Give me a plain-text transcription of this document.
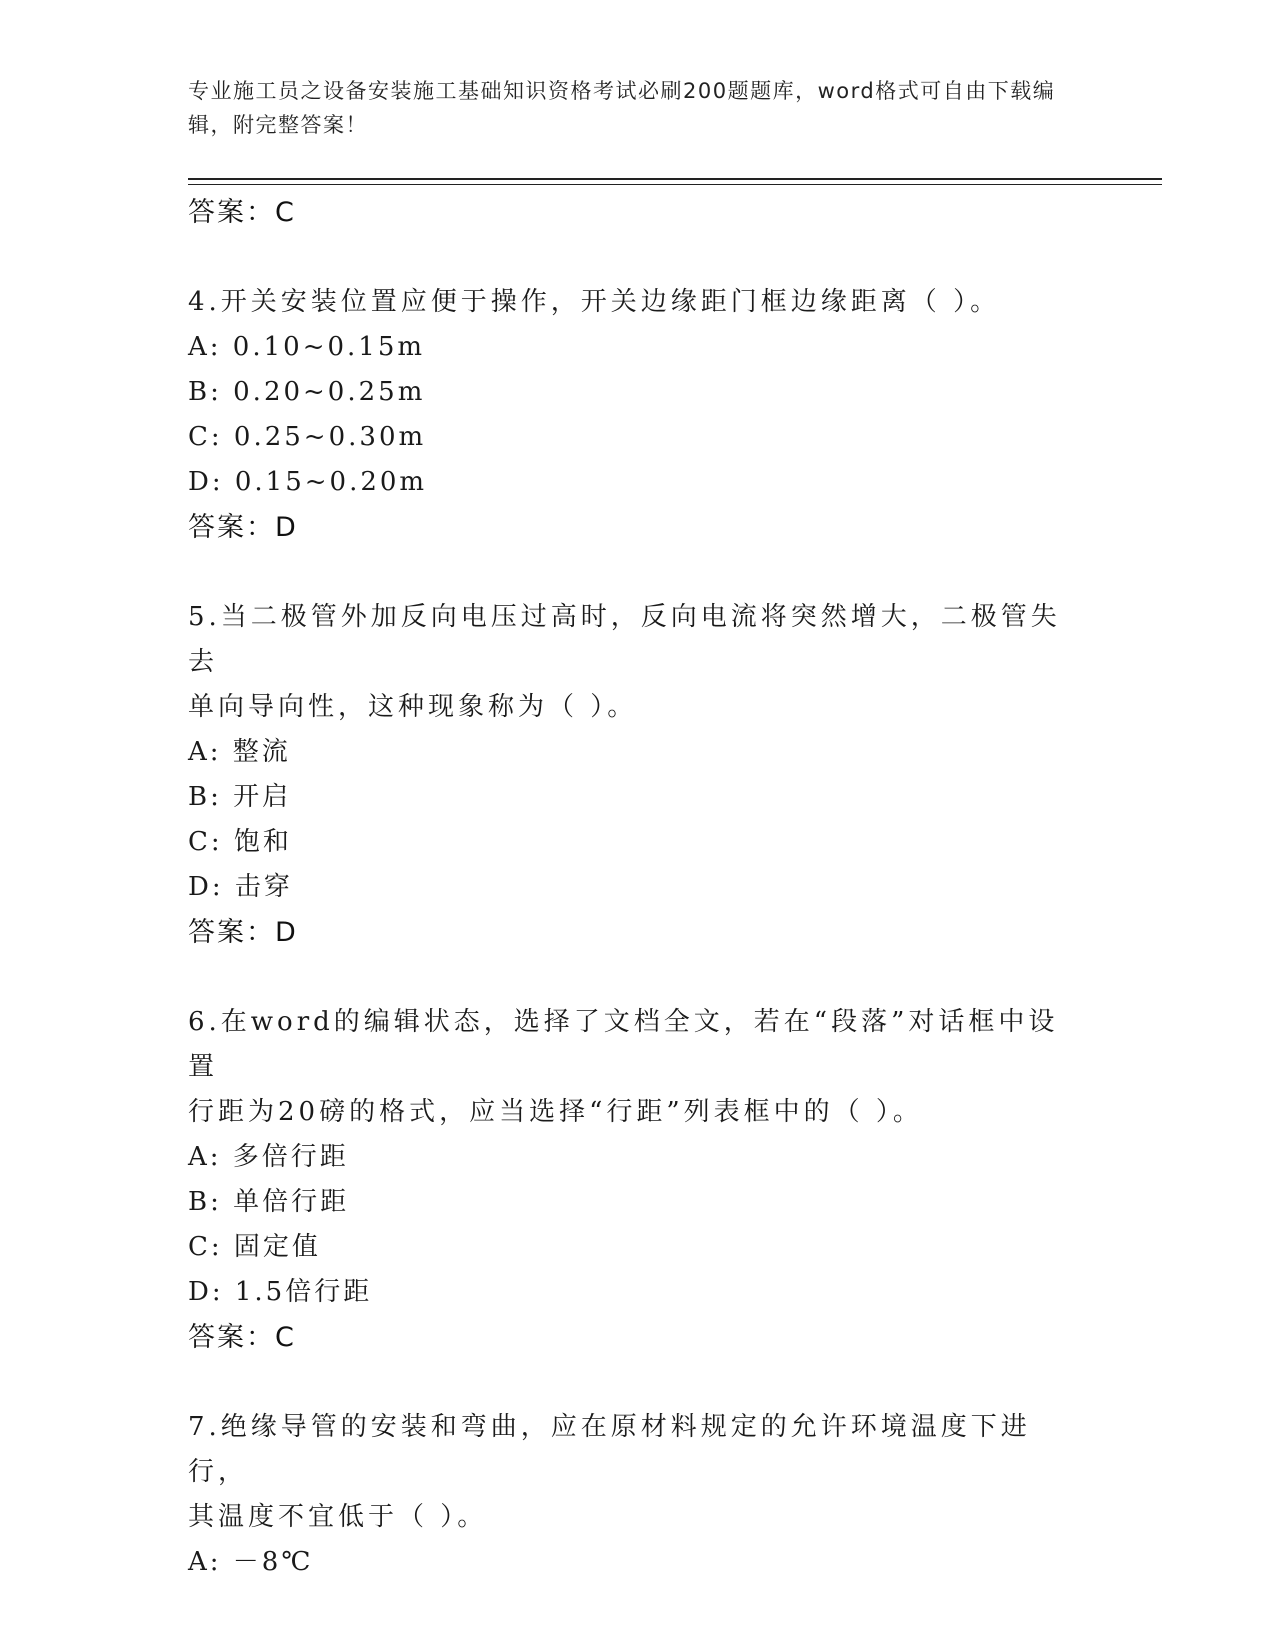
专业施工员之设备安装施工基础知识资格考试必刷200题题库，word格式可自由下载编辑，附完整答案！

答案：C

4.开关安装位置应便于操作，开关边缘距门框边缘距离（ ）。

A: 0.10~0.15m

B: 0.20~0.25m

C: 0.25~0.30m

D: 0.15~0.20m

答案：D

5.当二极管外加反向电压过高时，反向电流将突然增大，二极管失去

单向导向性，这种现象称为（ ）。

A: 整流

B: 开启

C: 饱和

D: 击穿

答案：D

6.在word的编辑状态，选择了文档全文，若在“段落”对话框中设置

行距为20磅的格式，应当选择“行距”列表框中的（ ）。

A: 多倍行距

B: 单倍行距

C: 固定值

D: 1.5倍行距

答案：C

7.绝缘导管的安装和弯曲，应在原材料规定的允许环境温度下进行，

其温度不宜低于（ ）。

A: －8℃
